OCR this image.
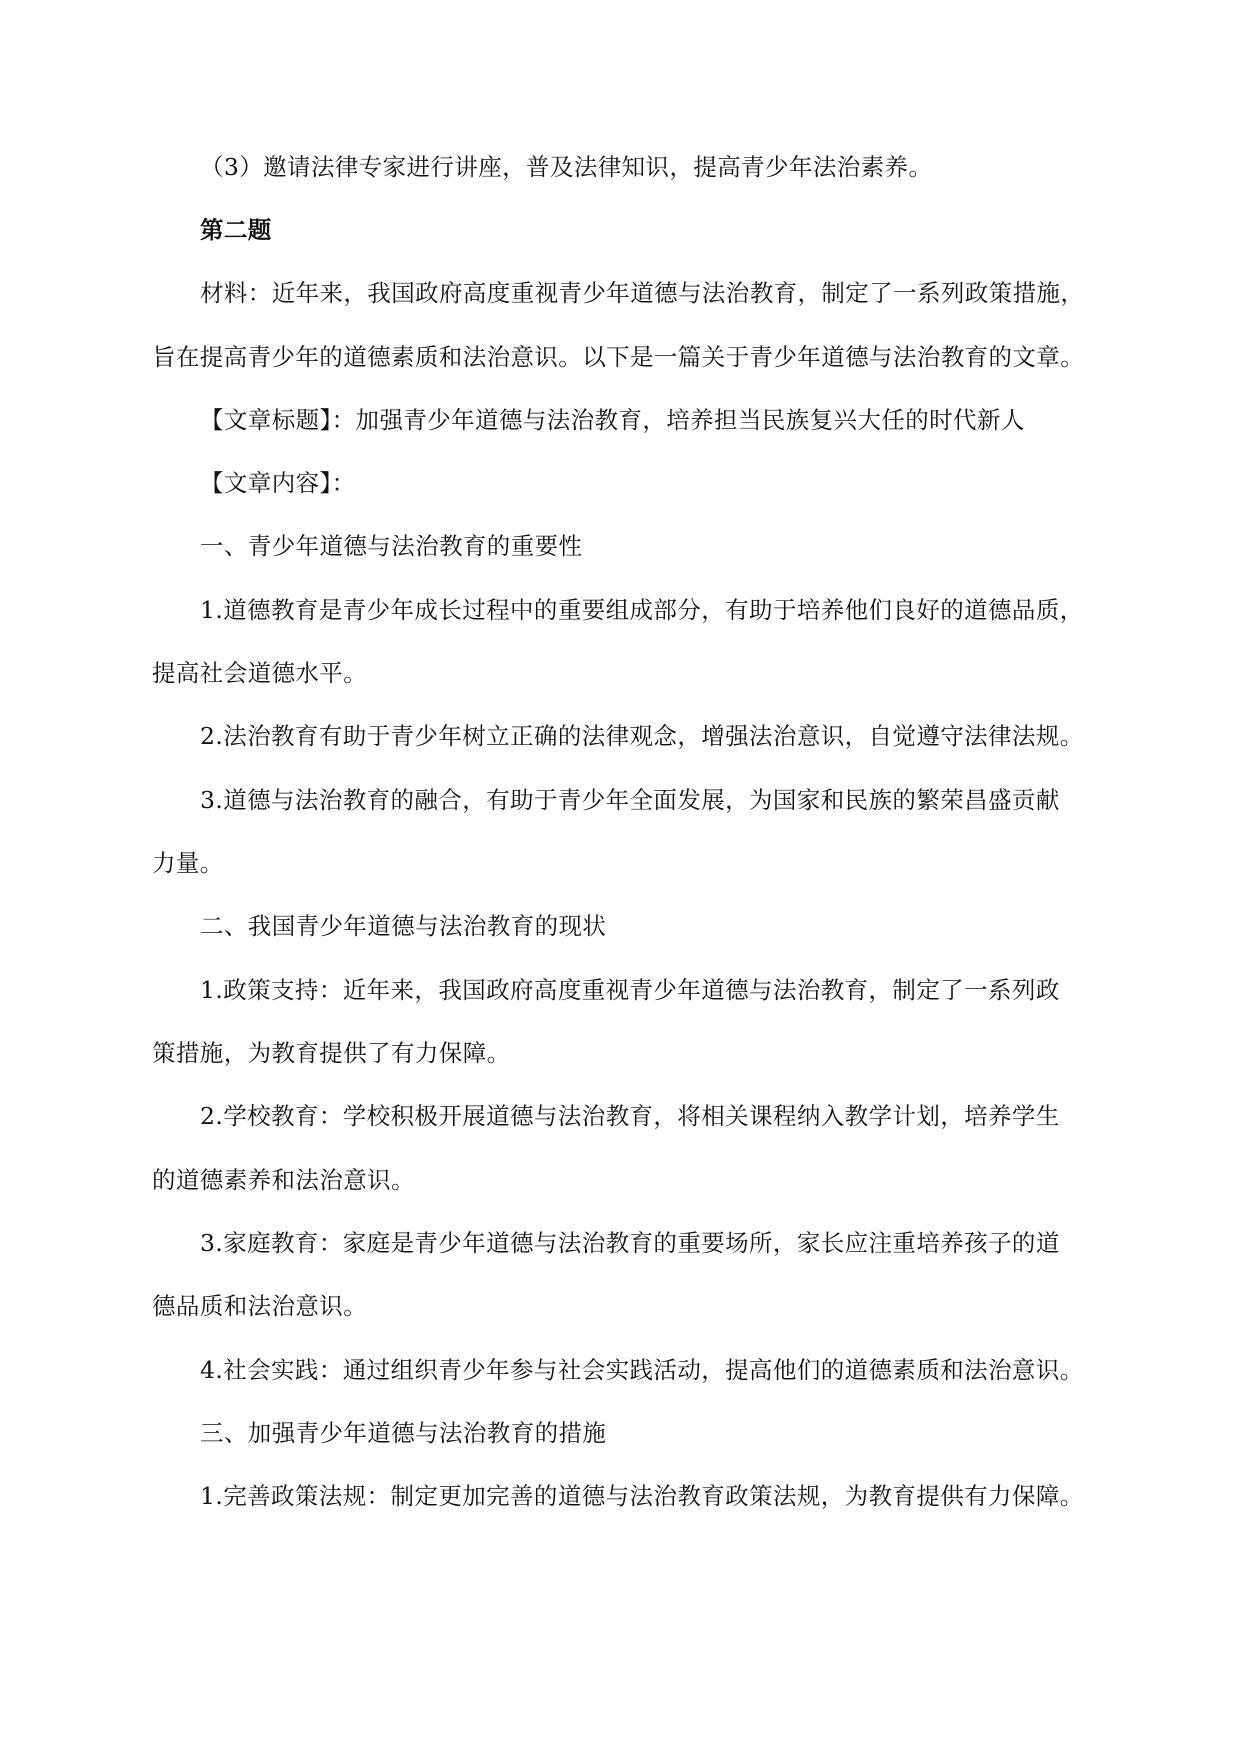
（3）邀请法律专家进行讲座，普及法律知识，提高青少年法治素养。
第二题
材料：近年来，我国政府高度重视青少年道德与法治教育，制定了一系列政策措施，
旨在提高青少年的道德素质和法治意识。以下是一篇关于青少年道德与法治教育的文章。
【文章标题】：加强青少年道德与法治教育，培养担当民族复兴大任的时代新人
【文章内容】：
一、青少年道德与法治教育的重要性
1.道德教育是青少年成长过程中的重要组成部分，有助于培养他们良好的道德品质，
提高社会道德水平。
2.法治教育有助于青少年树立正确的法律观念，增强法治意识，自觉遵守法律法规。
3.道德与法治教育的融合，有助于青少年全面发展，为国家和民族的繁荣昌盛贡献
力量。
二、我国青少年道德与法治教育的现状
1.政策支持：近年来，我国政府高度重视青少年道德与法治教育，制定了一系列政
策措施，为教育提供了有力保障。
2.学校教育：学校积极开展道德与法治教育，将相关课程纳入教学计划，培养学生
的道德素养和法治意识。
3.家庭教育：家庭是青少年道德与法治教育的重要场所，家长应注重培养孩子的道
德品质和法治意识。
4.社会实践：通过组织青少年参与社会实践活动，提高他们的道德素质和法治意识。
三、加强青少年道德与法治教育的措施
1.完善政策法规：制定更加完善的道德与法治教育政策法规，为教育提供有力保障。
